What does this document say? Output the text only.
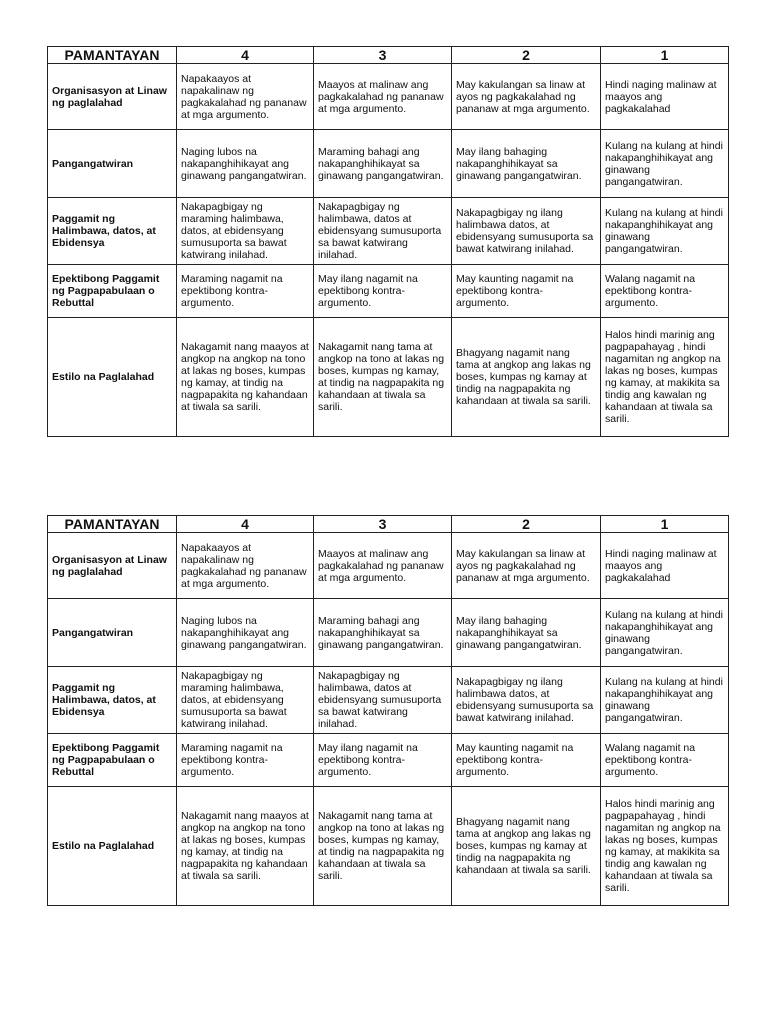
PAMANTAYAN	4	3	2	1
Organisasyon at Linaw ng paglalahad	Napakaayos at napakalinaw ng pagkakalahad ng pananaw at mga argumento.	Maayos at malinaw ang pagkakalahad ng pananaw at mga argumento.	May kakulangan sa linaw at ayos ng pagkakalahad ng pananaw at mga argumento.	Hindi naging malinaw at maayos ang pagkakalahad
Pangangatwiran	Naging lubos na nakapanghihikayat ang ginawang pangangatwiran.	Maraming bahagi ang nakapanghihikayat sa ginawang pangangatwiran.	May ilang bahaging nakapanghihikayat sa ginawang pangangatwiran.	Kulang na kulang at hindi nakapanghihikayat ang ginawang pangangatwiran.
Paggamit ng Halimbawa, datos, at Ebidensya	Nakapagbigay ng maraming halimbawa, datos, at ebidensyang sumusuporta sa bawat katwirang inilahad.	Nakapagbigay ng halimbawa, datos at ebidensyang sumusuporta sa bawat katwirang inilahad.	Nakapagbigay ng ilang halimbawa datos, at ebidensyang sumusuporta sa bawat katwirang inilahad.	Kulang na kulang at hindi nakapanghihikayat ang ginawang pangangatwiran.
Epektibong Paggamit ng Pagpapabulaan o Rebuttal	Maraming nagamit na epektibong kontra-argumento.	May ilang nagamit na epektibong kontra-argumento.	May kaunting nagamit na epektibong kontra-argumento.	Walang nagamit na epektibong kontra-argumento.
Estilo na Paglalahad	Nakagamit nang maayos at angkop na angkop na tono at lakas ng boses, kumpas ng kamay, at tindig na nagpapakita ng kahandaan at tiwala sa sarili.	Nakagamit nang tama at angkop na tono at lakas ng boses, kumpas ng kamay, at tindig na nagpapakita ng kahandaan at tiwala sa sarili.	Bhagyang nagamit nang tama at angkop ang lakas ng boses, kumpas ng kamay at tindig na nagpapakita ng kahandaan at tiwala sa sarili.	Halos hindi marinig ang pagpapahayag , hindi nagamitan ng angkop na lakas ng boses, kumpas ng kamay, at makikita sa tindig ang kawalan ng kahandaan at tiwala sa sarili.
PAMANTAYAN	4	3	2	1
Organisasyon at Linaw ng paglalahad	Napakaayos at napakalinaw ng pagkakalahad ng pananaw at mga argumento.	Maayos at malinaw ang pagkakalahad ng pananaw at mga argumento.	May kakulangan sa linaw at ayos ng pagkakalahad ng pananaw at mga argumento.	Hindi naging malinaw at maayos ang pagkakalahad
Pangangatwiran	Naging lubos na nakapanghihikayat ang ginawang pangangatwiran.	Maraming bahagi ang nakapanghihikayat sa ginawang pangangatwiran.	May ilang bahaging nakapanghihikayat sa ginawang pangangatwiran.	Kulang na kulang at hindi nakapanghihikayat ang ginawang pangangatwiran.
Paggamit ng Halimbawa, datos, at Ebidensya	Nakapagbigay ng maraming halimbawa, datos, at ebidensyang sumusuporta sa bawat katwirang inilahad.	Nakapagbigay ng halimbawa, datos at ebidensyang sumusuporta sa bawat katwirang inilahad.	Nakapagbigay ng ilang halimbawa datos, at ebidensyang sumusuporta sa bawat katwirang inilahad.	Kulang na kulang at hindi nakapanghihikayat ang ginawang pangangatwiran.
Epektibong Paggamit ng Pagpapabulaan o Rebuttal	Maraming nagamit na epektibong kontra-argumento.	May ilang nagamit na epektibong kontra-argumento.	May kaunting nagamit na epektibong kontra-argumento.	Walang nagamit na epektibong kontra-argumento.
Estilo na Paglalahad	Nakagamit nang maayos at angkop na angkop na tono at lakas ng boses, kumpas ng kamay, at tindig na nagpapakita ng kahandaan at tiwala sa sarili.	Nakagamit nang tama at angkop na tono at lakas ng boses, kumpas ng kamay, at tindig na nagpapakita ng kahandaan at tiwala sa sarili.	Bhagyang nagamit nang tama at angkop ang lakas ng boses, kumpas ng kamay at tindig na nagpapakita ng kahandaan at tiwala sa sarili.	Halos hindi marinig ang pagpapahayag , hindi nagamitan ng angkop na lakas ng boses, kumpas ng kamay, at makikita sa tindig ang kawalan ng kahandaan at tiwala sa sarili.
